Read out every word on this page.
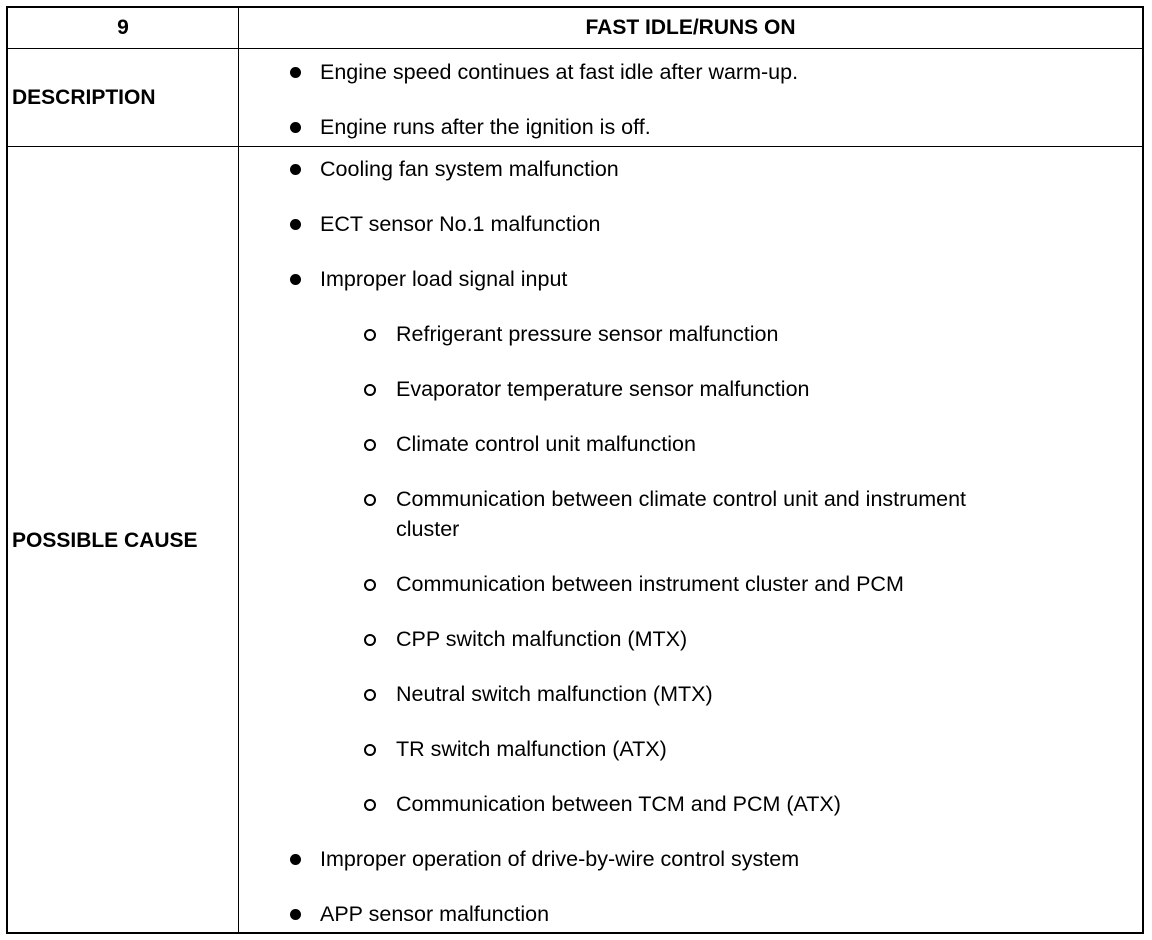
9	FAST IDLE/RUNS ON
DESCRIPTION
Engine speed continues at fast idle after warm-up.
Engine runs after the ignition is off.
POSSIBLE CAUSE
Cooling fan system malfunction
ECT sensor No.1 malfunction
Improper load signal input
Refrigerant pressure sensor malfunction
Evaporator temperature sensor malfunction
Climate control unit malfunction
Communication between climate control unit and instrument
cluster
Communication between instrument cluster and PCM
CPP switch malfunction (MTX)
Neutral switch malfunction (MTX)
TR switch malfunction (ATX)
Communication between TCM and PCM (ATX)
Improper operation of drive-by-wire control system
APP sensor malfunction
